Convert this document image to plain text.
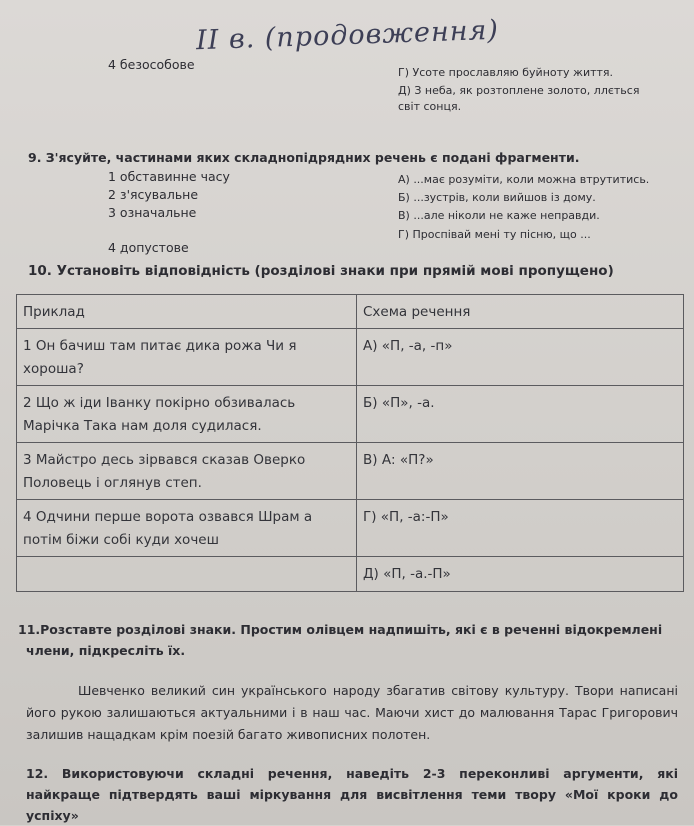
ІІ в. (продовження)
4 безособове
Г) Усоте прославляю буйноту життя.
Д) З неба, як розтоплене золото, ллється
світ сонця.
9. З'ясуйте, частинами яких складнопідрядних речень є подані фрагменти.
1 обставинне часу
2 з'ясувальне
3 означальне
4 допустове
А) ...має розуміти, коли можна втрутитись.
Б) ...зустрів, коли вийшов із дому.
В) ...але ніколи не каже неправди.
Г) Проспівай мені ту пісню, що ...
10. Установіть відповідність (розділові знаки при прямій мові пропущено)
Приклад	Схема речення
1 Он бачиш там питає дика рожа Чи я хороша?	А) «П, -а, -п»
2 Що ж іди Іванку покірно обзивалась Марічка Така нам доля судилася.	Б) «П», -а.
3 Майстро десь зірвався сказав Оверко Половець і оглянув степ.	В) А: «П?»
4 Одчини перше ворота озвався Шрам а потім біжи собі куди хочеш	Г) «П, -а:-П»
	Д) «П, -а.-П»
11.Розставте розділові знаки. Простим олівцем надпишіть, які є в реченні відокремлені
члени, підкресліть їх.
Шевченко великий син українського народу збагатив світову культуру. Твори написані його рукою залишаються актуальними і в наш час. Маючи хист до малювання Тарас Григорович залишив нащадкам крім поезій багато живописних полотен.
12. Використовуючи складні речення, наведіть 2-3 переконливі аргументи, які найкраще підтвердять ваші міркування для висвітлення теми твору «Мої кроки до успіху»
